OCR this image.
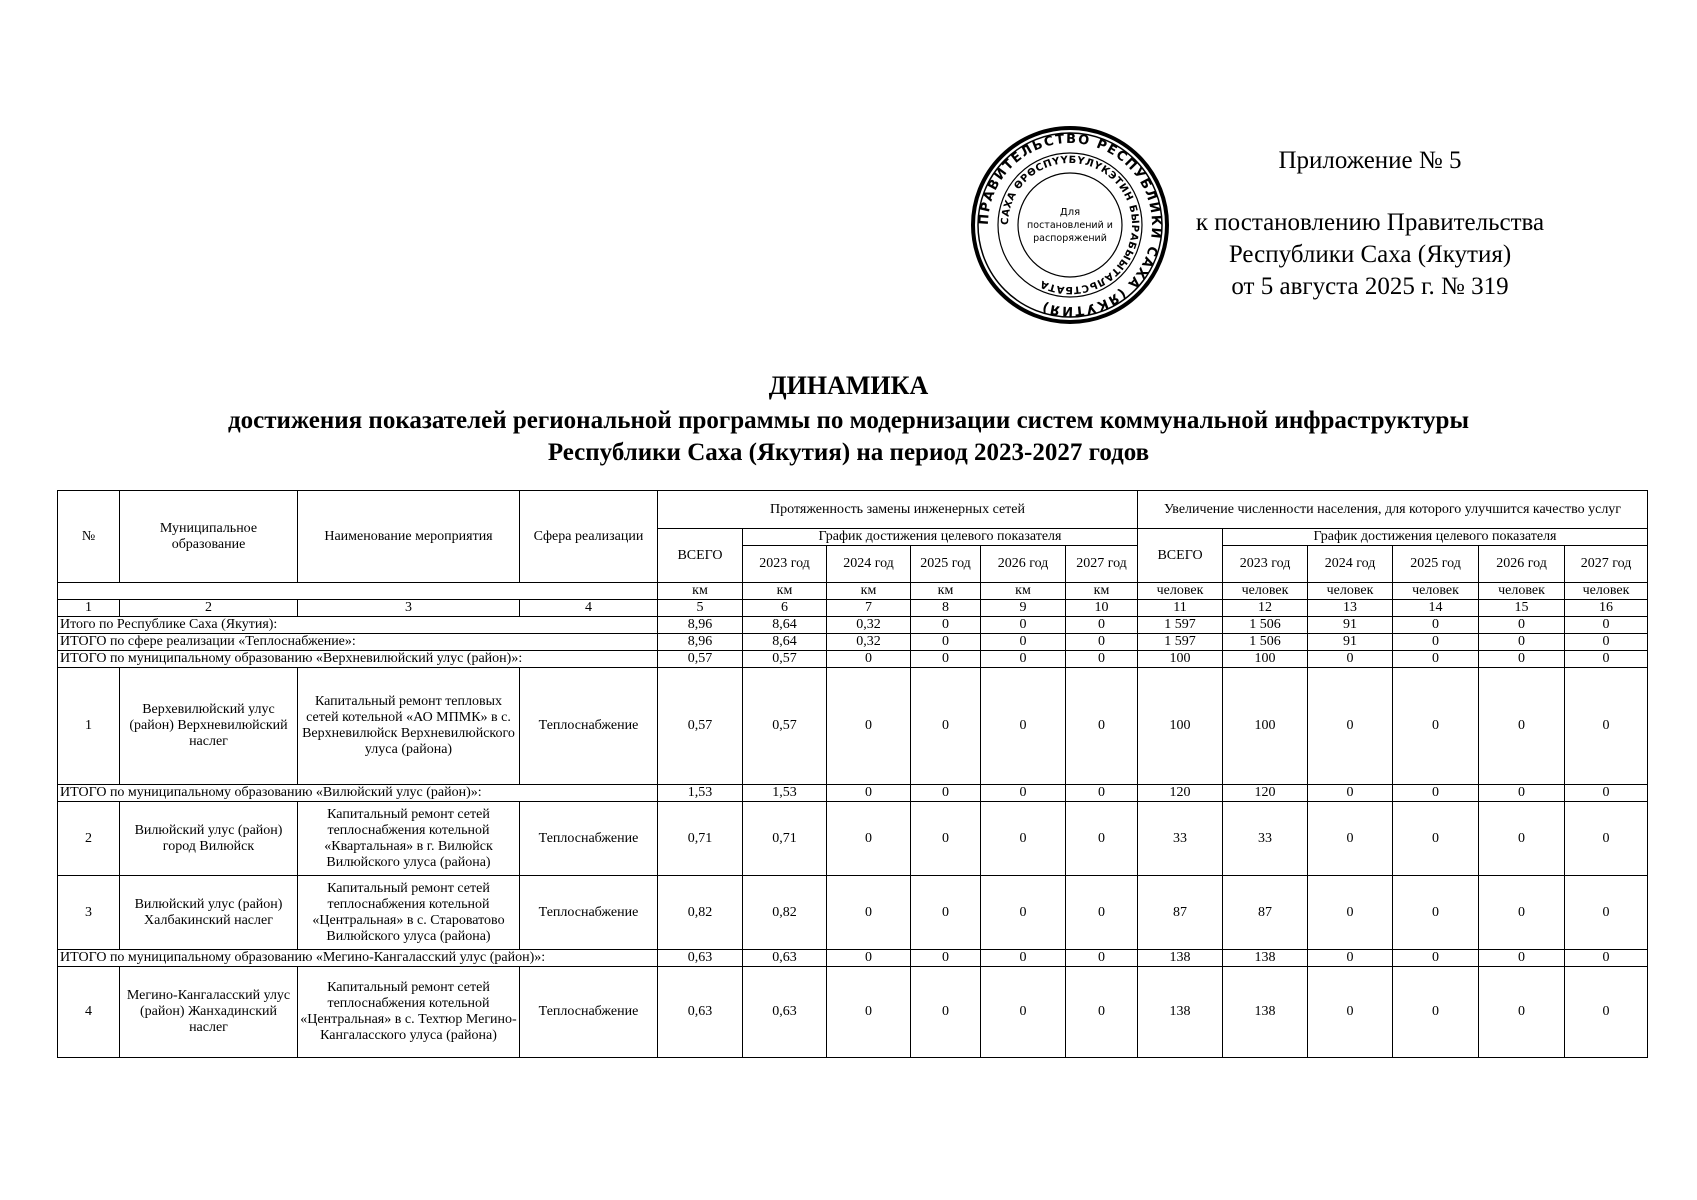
Приложение № 5
к постановлению Правительства
Республики Саха (Якутия)
от 5 августа 2025 г. № 319
ПРАВИТЕЛЬСТВО РЕСПУБЛИКИ САХА (ЯКУТИЯ)
САХА ӨРӨСПҮҮБҮЛҮКЭТИН БЫРАБЫЫТАЛЬСТБАТА
Для
постановлений и
распоряжений
ДИНАМИКА
достижения показателей региональной программы по модернизации систем коммунальной инфраструктуры
Республики Саха (Якутия) на период 2023-2027 годов
№	Муниципальное образование	Наименование мероприятия	Сфера реализации	Протяженность замены инженерных сетей						Увеличение численности населения, для которого улучшится качество услуг					
				ВСЕГО	График достижения целевого показателя					ВСЕГО	График достижения целевого показателя				
					2023 год	2024 год	2025 год	2026 год	2027 год		2023 год	2024 год	2025 год	2026 год	2027 год
				км	км	км	км	км	км	человек	человек	человек	человек	человек	человек
1	2	3	4	5	6	7	8	9	10	11	12	13	14	15	16
Итого по Республике Саха (Якутия):				8,96	8,64	0,32	0	0	0	1 597	1 506	91	0	0	0
ИТОГО по сфере реализации «Теплоснабжение»:				8,96	8,64	0,32	0	0	0	1 597	1 506	91	0	0	0
ИТОГО по муниципальному образованию «Верхневилюйский улус (район)»:				0,57	0,57	0	0	0	0	100	100	0	0	0	0
1	Верхевилюйский улус (район) Верхневилюйский наслег	Капитальный ремонт тепловых сетей котельной «АО МПМК» в с. Верхневилюйск Верхневилюйского улуса (района)	Теплоснабжение	0,57	0,57	0	0	0	0	100	100	0	0	0	0
ИТОГО по муниципальному образованию «Вилюйский улус (район)»:				1,53	1,53	0	0	0	0	120	120	0	0	0	0
2	Вилюйский улус (район) город Вилюйск	Капитальный ремонт сетей теплоснабжения котельной «Квартальная» в г. Вилюйск Вилюйского улуса (района)	Теплоснабжение	0,71	0,71	0	0	0	0	33	33	0	0	0	0
3	Вилюйский улус (район) Халбакинский наслег	Капитальный ремонт сетей теплоснабжения котельной «Центральная» в с. Староватово Вилюйского улуса (района)	Теплоснабжение	0,82	0,82	0	0	0	0	87	87	0	0	0	0
ИТОГО по муниципальному образованию «Мегино-Кангаласский улус (район)»:				0,63	0,63	0	0	0	0	138	138	0	0	0	0
4	Мегино-Кангаласский улус (район) Жанхадинский наслег	Капитальный ремонт сетей теплоснабжения котельной «Центральная» в с. Техтюр Мегино-Кангаласского улуса (района)	Теплоснабжение	0,63	0,63	0	0	0	0	138	138	0	0	0	0
